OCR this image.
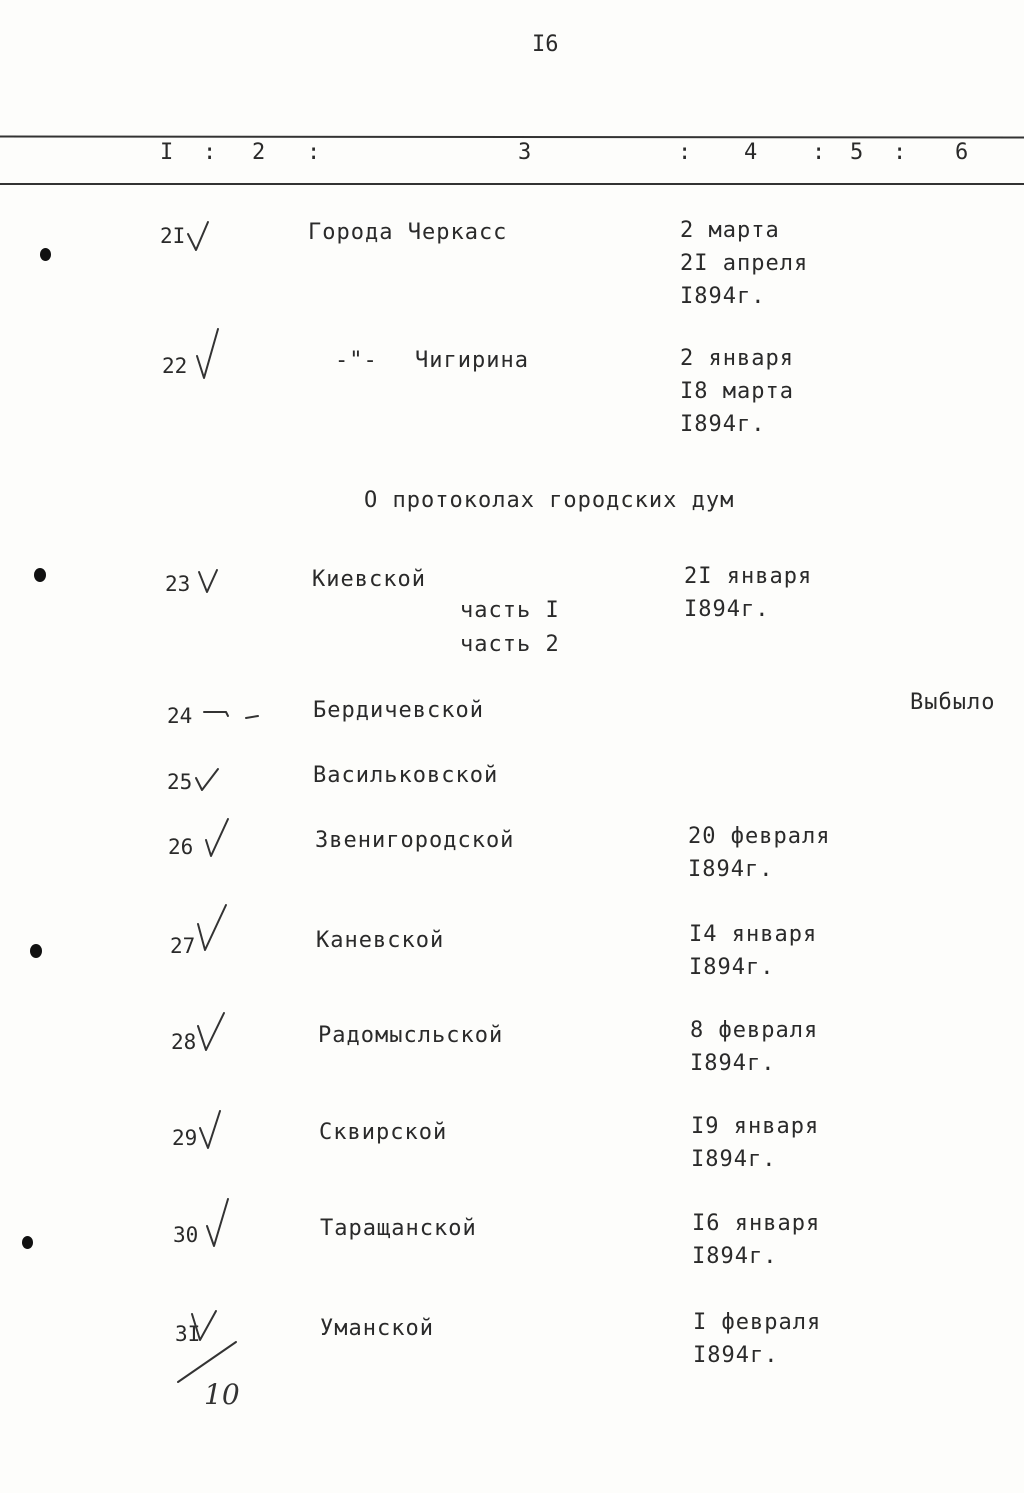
I6
I : 2 :	3	: 4 : 5 : 6
2I	Города Черкасс	2 марта
2I апреля
I894г.
22	-"- Чигирина	2 января
I8 марта
I894г.
О протоколах городских дум
23	Киевской
часть I
часть 2
2I января
I894г.
24	Бердичевской	Выбыло
25	Васильковской
26	Звенигородской	20 февраля
I894г.
27	Каневской	I4 января
I894г.
28	Радомысльской	8 февраля
I894г.
29	Сквирской	I9 января
I894г.
30	Таращанской	I6 января
I894г.
3I	Уманской	I февраля
I894г.
10
